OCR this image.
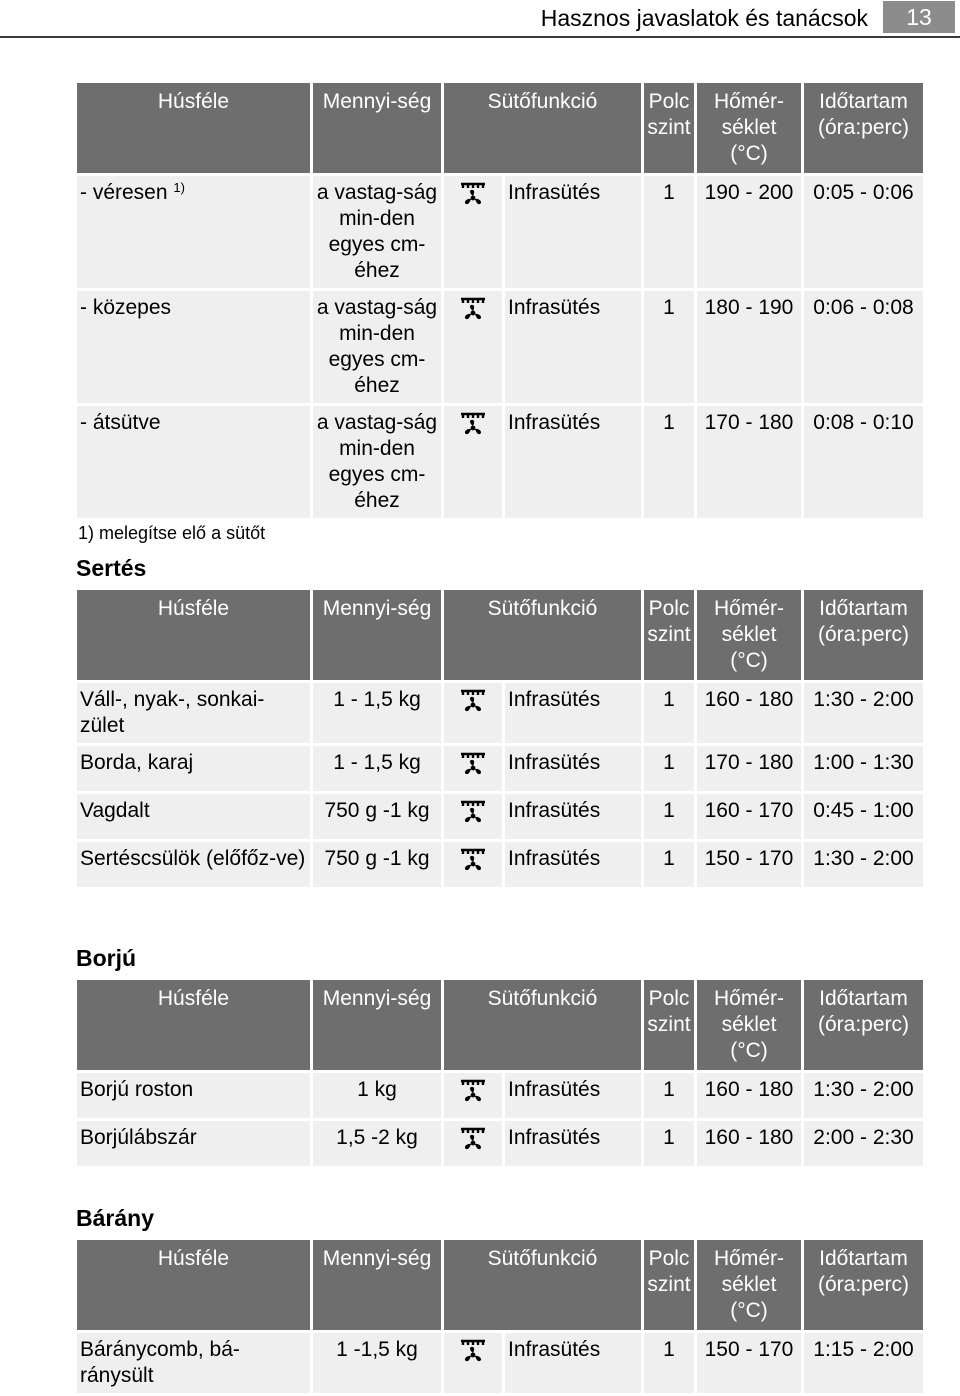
Hasznos javaslatok és tanácsok	13
Húsféle	Mennyi-ség	Sütőfunkció		Polc szint	Hőmér-séklet (°C)	Időtartam (óra:perc)
- véresen $^{1)}$	a vastag-ság min-den egyes cm-éhez		Infrasütés	1	190 - 200	0:05 - 0:06
- közepes	a vastag-ság min-den egyes cm-éhez		Infrasütés	1	180 - 190	0:06 - 0:08
- átsütve	a vastag-ság min-den egyes cm-éhez		Infrasütés	1	170 - 180	0:08 - 0:10
1) melegítse elő a sütőt
Sertés
Húsféle	Mennyi-ség	Sütőfunkció		Polc szint	Hőmér-séklet (°C)	Időtartam (óra:perc)
Váll-, nyak-, sonkai-zület	1 - 1,5 kg		Infrasütés	1	160 - 180	1:30 - 2:00
Borda, karaj	1 - 1,5 kg		Infrasütés	1	170 - 180	1:00 - 1:30
Vagdalt	750 g -1 kg		Infrasütés	1	160 - 170	0:45 - 1:00
Sertéscsülök (előfőz-ve)	750 g -1 kg		Infrasütés	1	150 - 170	1:30 - 2:00
Borjú
Húsféle	Mennyi-ség	Sütőfunkció		Polc szint	Hőmér-séklet (°C)	Időtartam (óra:perc)
Borjú roston	1 kg		Infrasütés	1	160 - 180	1:30 - 2:00
Borjúlábszár	1,5 -2 kg		Infrasütés	1	160 - 180	2:00 - 2:30
Bárány
Húsféle	Mennyi-ség	Sütőfunkció		Polc szint	Hőmér-séklet (°C)	Időtartam (óra:perc)
Báránycomb, bá-ránysült	1 -1,5 kg		Infrasütés	1	150 - 170	1:15 - 2:00
